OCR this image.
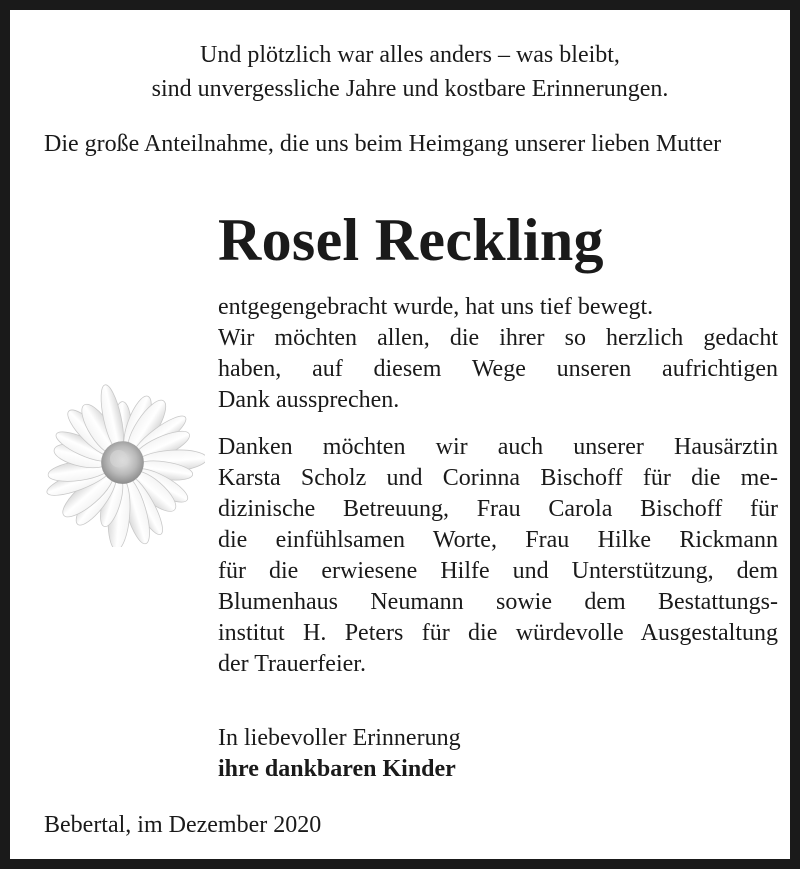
Und plötzlich war alles anders – was bleibt,
sind unvergessliche Jahre und kostbare Erinnerungen.
Die große Anteilnahme, die uns beim Heimgang unserer lieben Mutter
Rosel Reckling
entgegengebracht wurde, hat uns tief bewegt.
Wir möchten allen, die ihrer so herzlich gedacht
haben, auf diesem Wege unseren aufrichtigen
Dank aussprechen.
Danken möchten wir auch unserer Hausärztin
Karsta Scholz und Corinna Bischoff für die me-
dizinische Betreuung, Frau Carola Bischoff für
die einfühlsamen Worte, Frau Hilke Rickmann
für die erwiesene Hilfe und Unterstützung, dem
Blumenhaus Neumann sowie dem Bestattungs-
institut H. Peters für die würdevolle Ausgestaltung
der Trauerfeier.
In liebevoller Erinnerung
ihre dankbaren Kinder
Bebertal, im Dezember 2020
